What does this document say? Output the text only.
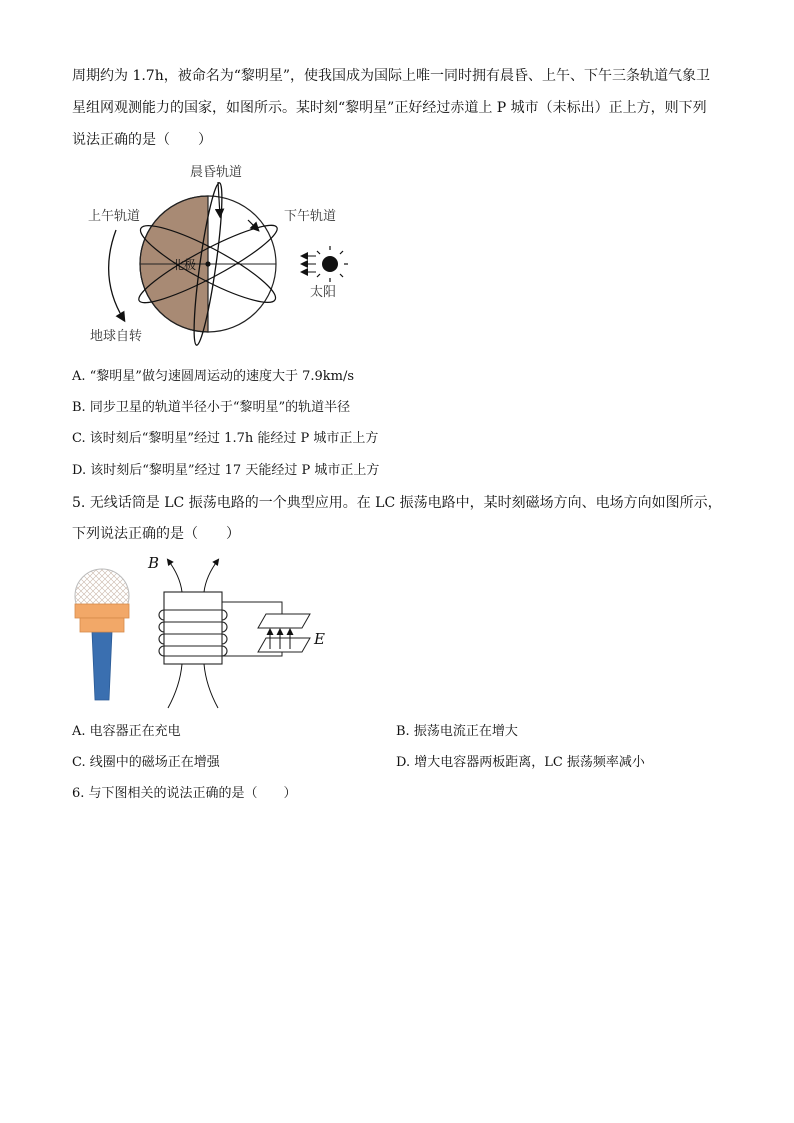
周期约为 1.7h，被命名为“黎明星”，使我国成为国际上唯一同时拥有晨昏、上午、下午三条轨道气象卫
星组网观测能力的国家，如图所示。某时刻“黎明星”正好经过赤道上 P 城市（未标出）正上方，则下列
说法正确的是（　　）
晨昏轨道
上午轨道	下午轨道
北极
太阳
地球自转
A. “黎明星”做匀速圆周运动的速度大于 7.9km/s
B. 同步卫星的轨道半径小于“黎明星”的轨道半径
C. 该时刻后“黎明星”经过 1.7h 能经过 P 城市正上方
D. 该时刻后“黎明星”经过 17 天能经过 P 城市正上方
5. 无线话筒是 LC 振荡电路的一个典型应用。在 LC 振荡电路中，某时刻磁场方向、电场方向如图所示，
下列说法正确的是（　　）
B
E
A. 电容器正在充电	B. 振荡电流正在增大
C. 线圈中的磁场正在增强	D. 增大电容器两板距离，LC 振荡频率减小
6. 与下图相关的说法正确的是（　　）
